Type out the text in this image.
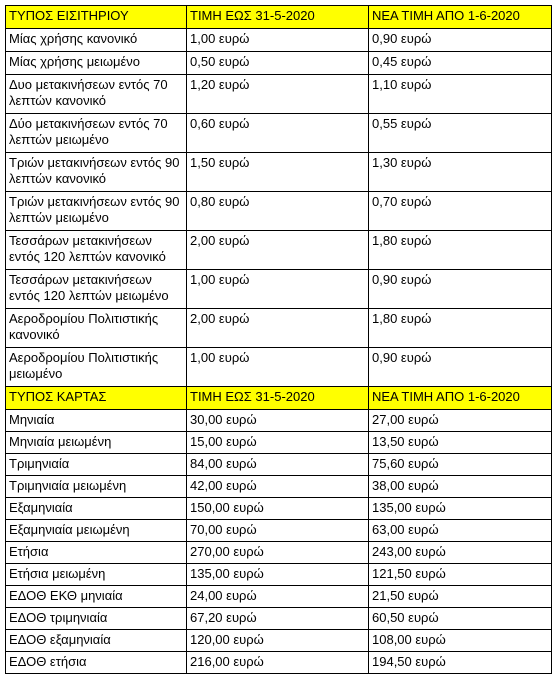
ΤΥΠΟΣ ΕΙΣΙΤΗΡΙΟΥ	ΤΙΜΗ ΕΩΣ 31-5-2020	ΝΕΑ ΤΙΜΗ ΑΠΟ 1-6-2020
Μίας χρήσης κανονικό	1,00 ευρώ	0,90 ευρώ
Μίας χρήσης μειωμένο	0,50 ευρώ	0,45 ευρώ
Δυο μετακινήσεων εντός 70 λεπτών κανονικό	1,20 ευρώ	1,10 ευρώ
Δύο μετακινήσεων εντός 70 λεπτών μειωμένο	0,60 ευρώ	0,55 ευρώ
Τριών μετακινήσεων εντός 90 λεπτών κανονικό	1,50 ευρώ	1,30 ευρώ
Τριών μετακινήσεων εντός 90 λεπτών μειωμένο	0,80 ευρώ	0,70 ευρώ
Τεσσάρων μετακινήσεων εντός 120 λεπτών κανονικό	2,00 ευρώ	1,80 ευρώ
Τεσσάρων μετακινήσεων εντός 120 λεπτών μειωμένο	1,00 ευρώ	0,90 ευρώ
Αεροδρομίου Πολιτιστικής κανονικό	2,00 ευρώ	1,80 ευρώ
Αεροδρομίου Πολιτιστικής μειωμένο	1,00 ευρώ	0,90 ευρώ
ΤΥΠΟΣ ΚΑΡΤΑΣ	ΤΙΜΗ ΕΩΣ 31-5-2020	ΝΕΑ ΤΙΜΗ ΑΠΟ 1-6-2020
Μηνιαία	30,00 ευρώ	27,00 ευρώ
Μηνιαία μειωμένη	15,00 ευρώ	13,50 ευρώ
Τριμηνιαία	84,00 ευρώ	75,60 ευρώ
Τριμηνιαία μειωμένη	42,00 ευρώ	38,00 ευρώ
Εξαμηνιαία	150,00 ευρώ	135,00 ευρώ
Εξαμηνιαία μειωμένη	70,00 ευρώ	63,00 ευρώ
Ετήσια	270,00 ευρώ	243,00 ευρώ
Ετήσια μειωμένη	135,00 ευρώ	121,50 ευρώ
ΕΔΟΘ ΕΚΘ μηνιαία	24,00 ευρώ	21,50 ευρώ
ΕΔΟΘ τριμηνιαία	67,20 ευρώ	60,50 ευρώ
ΕΔΟΘ εξαμηνιαία	120,00 ευρώ	108,00 ευρώ
ΕΔΟΘ ετήσια	216,00 ευρώ	194,50 ευρώ
